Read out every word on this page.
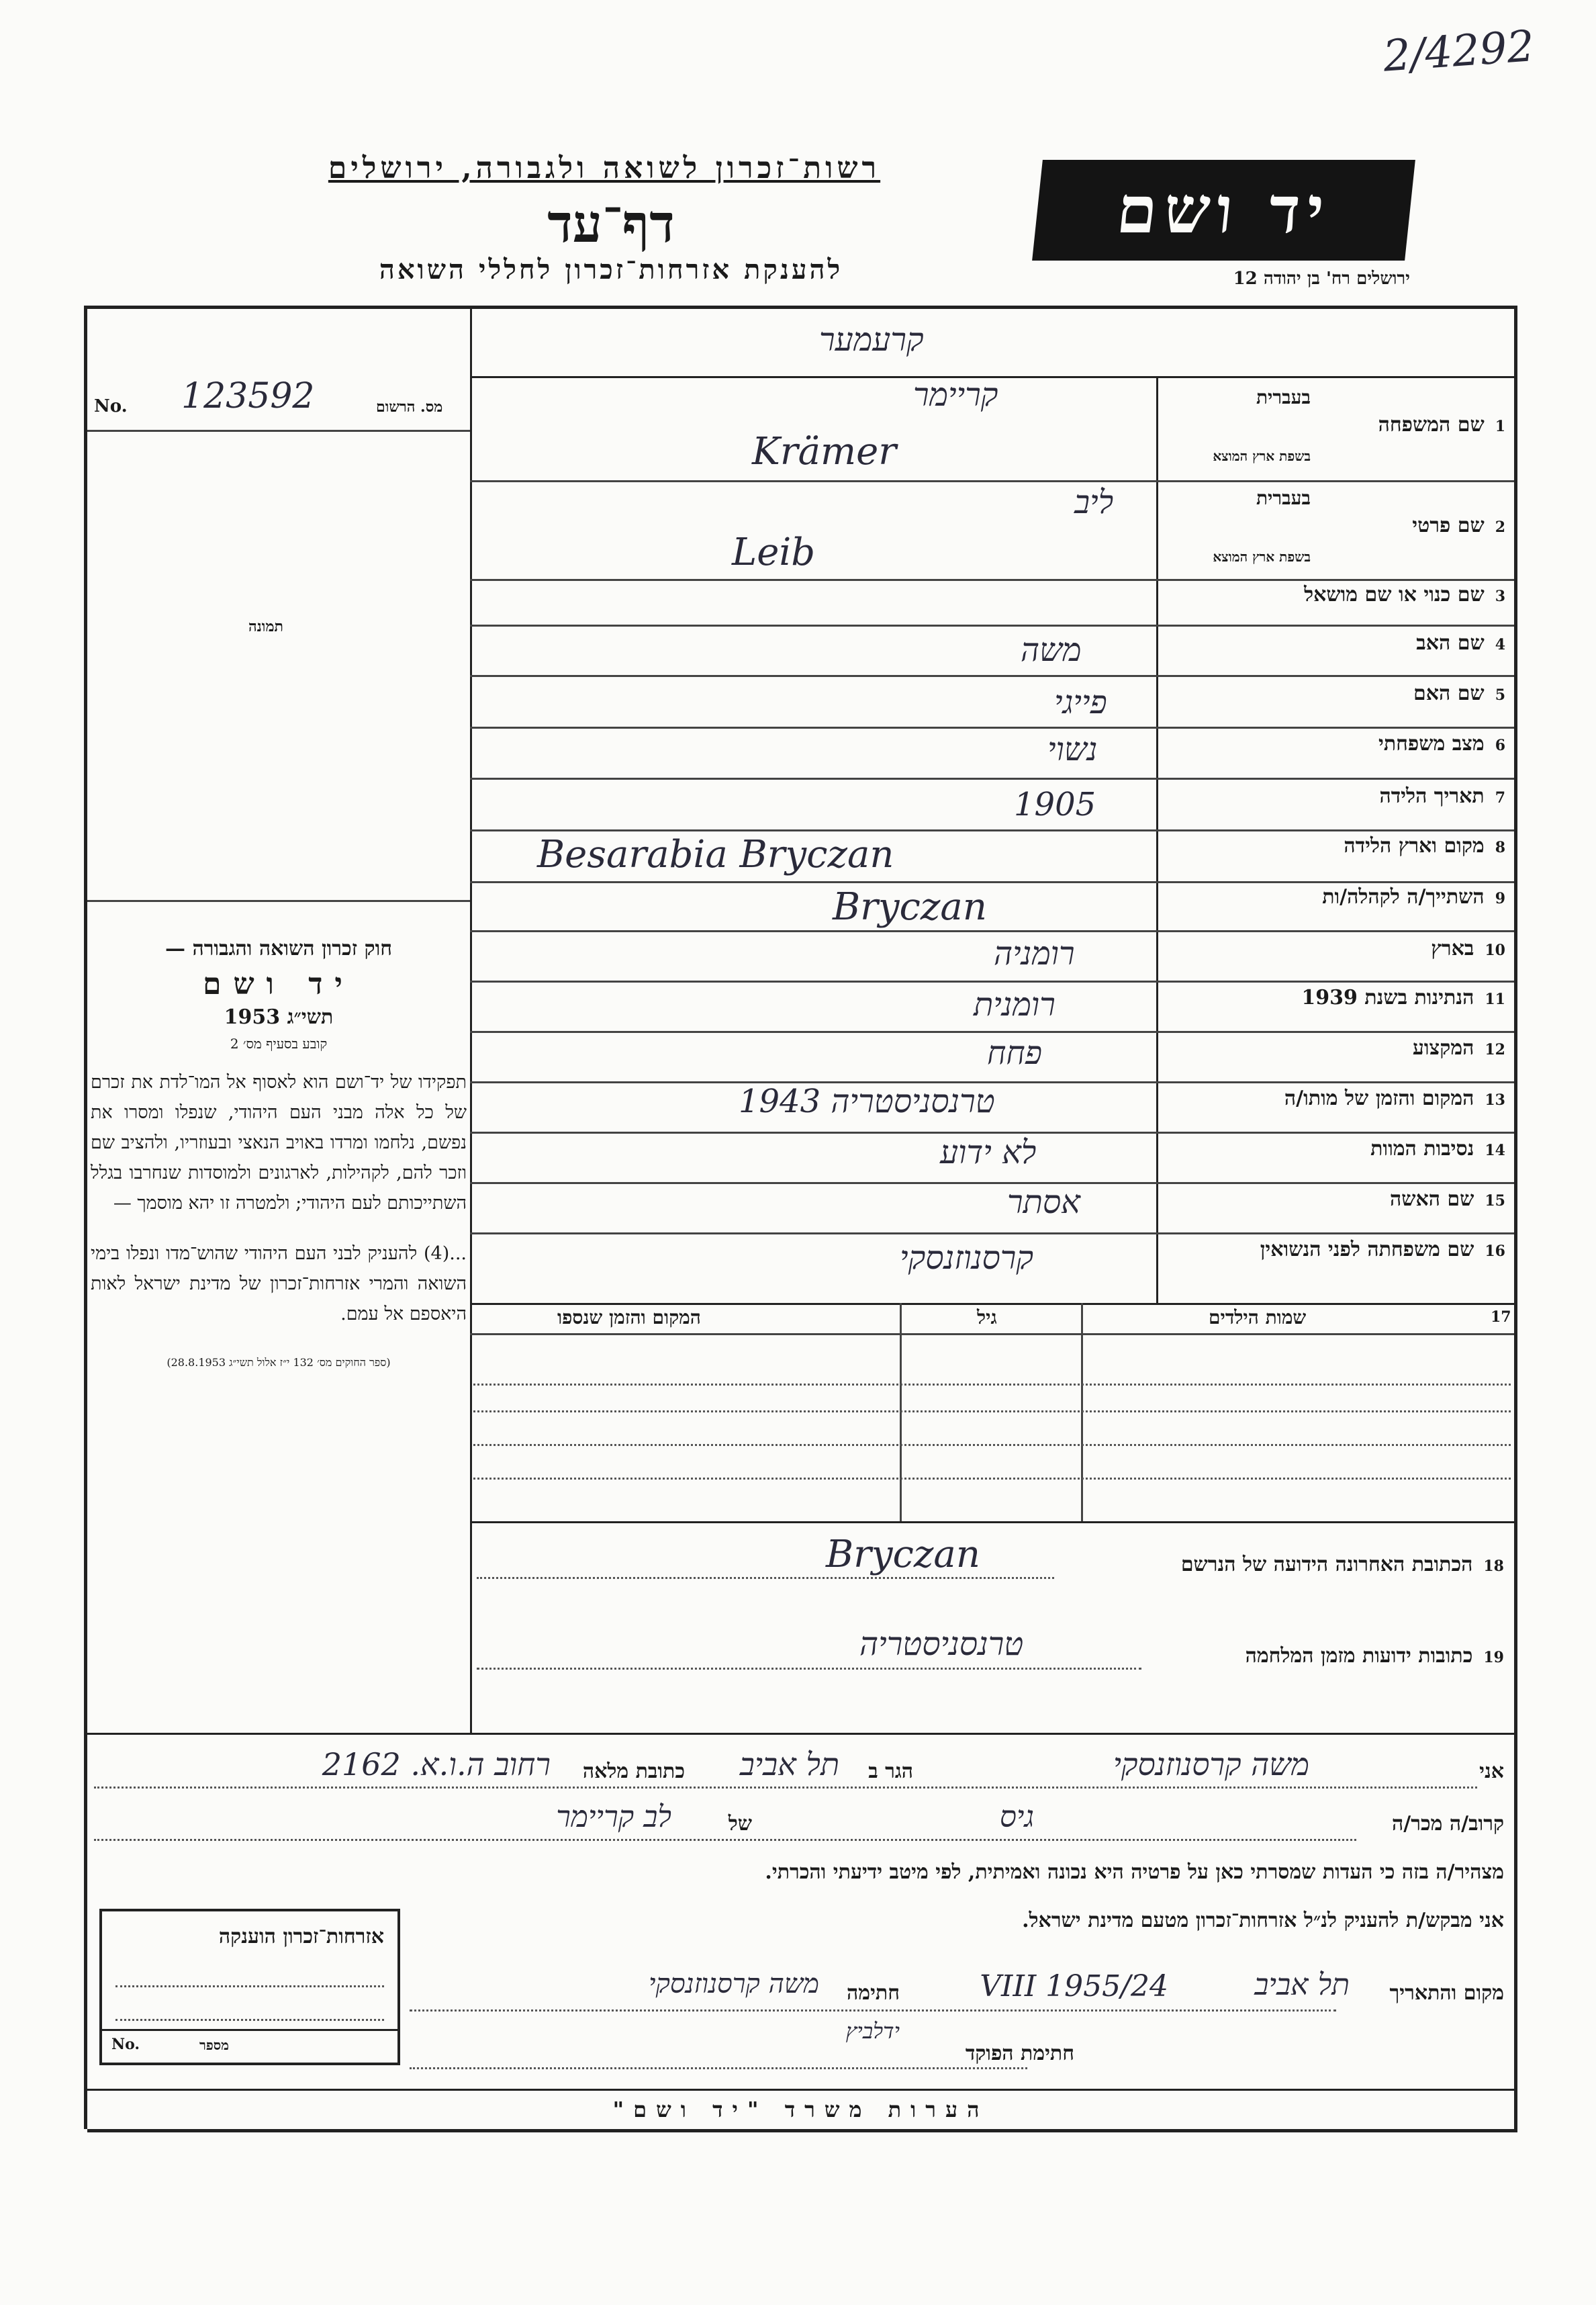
2/4292
רשות־זכרון לשואה ולגבורה, ירושלים
דף־עד
להענקת אזרחות־זכרון לחללי השואה
יד ושם
ירושלים רח' בן יהודה 12
No. 123592	מס. הרשום
תמונה
בעברית
1שם המשפחה
בשפת ארץ המוצא
קרעמער
קריימר
Krämer
בעברית
2שם פרטי
בשפת ארץ המוצא
ליב
Leib
3שם כנוי או שם מושאל
4שם האב
משה
5שם האם
פייגי
6מצב משפחתי
נשוי
7תאריך הלידה
1905
8מקום וארץ הלידה
Besarabia Bryczan
9השתייך/ה לקהלה/ות
Bryczan
10בארץ
רומניה
11הנתינות בשנת 1939
רומנית
12המקצוע
פחח
13המקום והזמן של מותו/ה
טרנסניסטריה 1943
14נסיבות המוות
לא ידוע
15שם האשה
אסתר
16שם משפחתה לפני הנשואין
קרסנוזנסקי
17
שמות הילדים
גיל
המקום והזמן שנספו
18הכתובת האחרונה הידועה של הנרשם
Bryczan
19כתובות ידועות מזמן המלחמה
טרנסניסטריה
חוק זכרון השואה והגבורה —
יד ושם
תשי״ג 1953
קובע בסעיף מס׳ 2
תפקידו של יד־ושם הוא לאסוף אל המו־לדת את זכרם של כל אלה מבני העם היהודי, שנפלו ומסרו את נפשם, נלחמו ומרדו באויב הנאצי ובעוזריו, ולהציב שם וזכר להם, לקהילות, לארגונים ולמוסדות שנחרבו בגלל השתייכותם לעם היהודי; ולמטרה זו יהא מוסמך —
...(4) להעניק לבני העם היהודי שהוש־מדו ונפלו בימי השואה והמרי אזרחות־זכרון של מדינת ישראל לאות היאספם אל עמם.
(ספר החוקים מס׳ 132 י״ז אלול תשי״ג 28.8.1953)
אני
משה קרסנוזנסקי
הגר ב
תל אביב
כתובת מלאה
רחוב ה.ו.א. 2162
קרוב/ה מכר/ה
גיס
של
לב קריימר
מצהיר/ה בזה כי העדות שמסרתי כאן על פרטיה היא נכונה ואמיתית, לפי מיטב ידיעתי והכרתי.
אני מבקש/ת להעניק לנ״ל אזרחות־זכרון מטעם מדינת ישראל.
מקום והתאריך
תל אביב
24/VIII 1955
חתימה
משה קרסנוזנסקי
חתימת הפוקד
ידלביץ
אזרחות־זכרון הוענקה
No.	מספר
הערות משרד "יד ושם"
